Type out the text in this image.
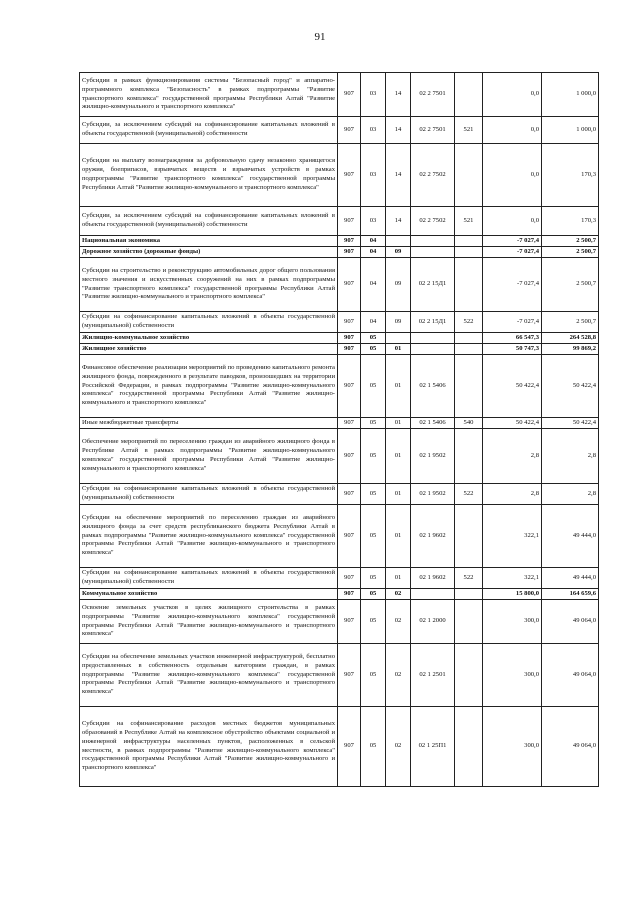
91
Субсидии в рамках функционирования системы "Безопасный город" и аппаратно-программного комплекса "Безопасность" в рамках подпрограммы "Развитие транспортного комплекса" государственной программы Республики Алтай "Развитие жилищно-коммунального и транспортного комплекса"	907	03	14	02 2 7501		0,0	1 000,0
Субсидии, за исключением субсидий на софинансирование капитальных вложений в объекты государственной (муниципальной) собственности	907	03	14	02 2 7501	521	0,0	1 000,0
Субсидии на выплату вознаграждения за добровольную сдачу незаконно хранящегося оружия, боеприпасов, взрывчатых веществ и взрывчатых устройств в рамках подпрограммы "Развитие транспортного комплекса" государственной программы Республики Алтай "Развитие жилищно-коммунального и транспортного комплекса"	907	03	14	02 2 7502		0,0	170,3
Субсидии, за исключением субсидий на софинансирование капитальных вложений в объекты государственной (муниципальной) собственности	907	03	14	02 2 7502	521	0,0	170,3
Национальная экономика	907	04				-7 027,4	2 500,7
Дорожное хозяйство (дорожные фонды)	907	04	09			-7 027,4	2 500,7
Субсидии на строительство и реконструкцию автомобильных дорог общего пользования местного значения и искусственных сооружений на них в рамках подпрограммы "Развитие транспортного комплекса" государственной программы Республики Алтай "Развитие жилищно-коммунального и транспортного комплекса"	907	04	09	02 2 15Д1		-7 027,4	2 500,7
Субсидии на софинансирование капитальных вложений в объекты государственной (муниципальной) собственности	907	04	09	02 2 15Д1	522	-7 027,4	2 500,7
Жилищно-коммунальное хозяйство	907	05				66 547,3	264 528,8
Жилищное хозяйство	907	05	01			50 747,3	99 869,2
Финансовое обеспечение реализации мероприятий по проведению капитального ремонта жилищного фонда, поврежденного в результате паводков, произошедших на территории Российской Федерации, в рамках подпрограммы "Развитие жилищно-коммунального комплекса" государственной программы Республики Алтай "Развитие жилищно-коммунального и транспортного комплекса"	907	05	01	02 1 5406		50 422,4	50 422,4
Иные межбюджетные трансферты	907	05	01	02 1 5406	540	50 422,4	50 422,4
Обеспечение мероприятий по переселению граждан из аварийного жилищного фонда в Республике Алтай в рамках подпрограммы "Развитие жилищно-коммунального комплекса" государственной программы Республики Алтай "Развитие жилищно-коммунального и транспортного комплекса"	907	05	01	02 1 9502		2,8	2,8
Субсидии на софинансирование капитальных вложений в объекты государственной (муниципальной) собственности	907	05	01	02 1 9502	522	2,8	2,8
Субсидии на обеспечение мероприятий по переселению граждан из аварийного жилищного фонда за счет средств республиканского бюджета Республики Алтай в рамках подпрограммы "Развитие жилищно-коммунального комплекса" государственной программы Республики Алтай "Развитие жилищно-коммунального и транспортного комплекса"	907	05	01	02 1 9602		322,1	49 444,0
Субсидии на софинансирование капитальных вложений в объекты государственной (муниципальной) собственности	907	05	01	02 1 9602	522	322,1	49 444,0
Коммунальное хозяйство	907	05	02			15 800,0	164 659,6
Освоение земельных участков в целях жилищного строительства в рамках подпрограммы "Развитие жилищно-коммунального комплекса" государственной программы Республики Алтай "Развитие жилищно-коммунального и транспортного комплекса"	907	05	02	02 1 2000		300,0	49 064,0
Субсидии на обеспечение земельных участков инженерной инфраструктурой, бесплатно предоставленных в собственность отдельным категориям граждан, в рамках подпрограммы "Развитие жилищно-коммунального комплекса" государственной программы Республики Алтай "Развитие жилищно-коммунального и транспортного комплекса"	907	05	02	02 1 2501		300,0	49 064,0
Субсидии на софинансирование расходов местных бюджетов муниципальных образований в Республике Алтай на комплексное обустройство объектами социальной и инженерной инфраструктуры населенных пунктов, расположенных в сельской местности, в рамках подпрограммы "Развитие жилищно-коммунального комплекса" государственной программы Республики Алтай "Развитие жилищно-коммунального и транспортного комплекса"	907	05	02	02 1 25П1		300,0	49 064,0
